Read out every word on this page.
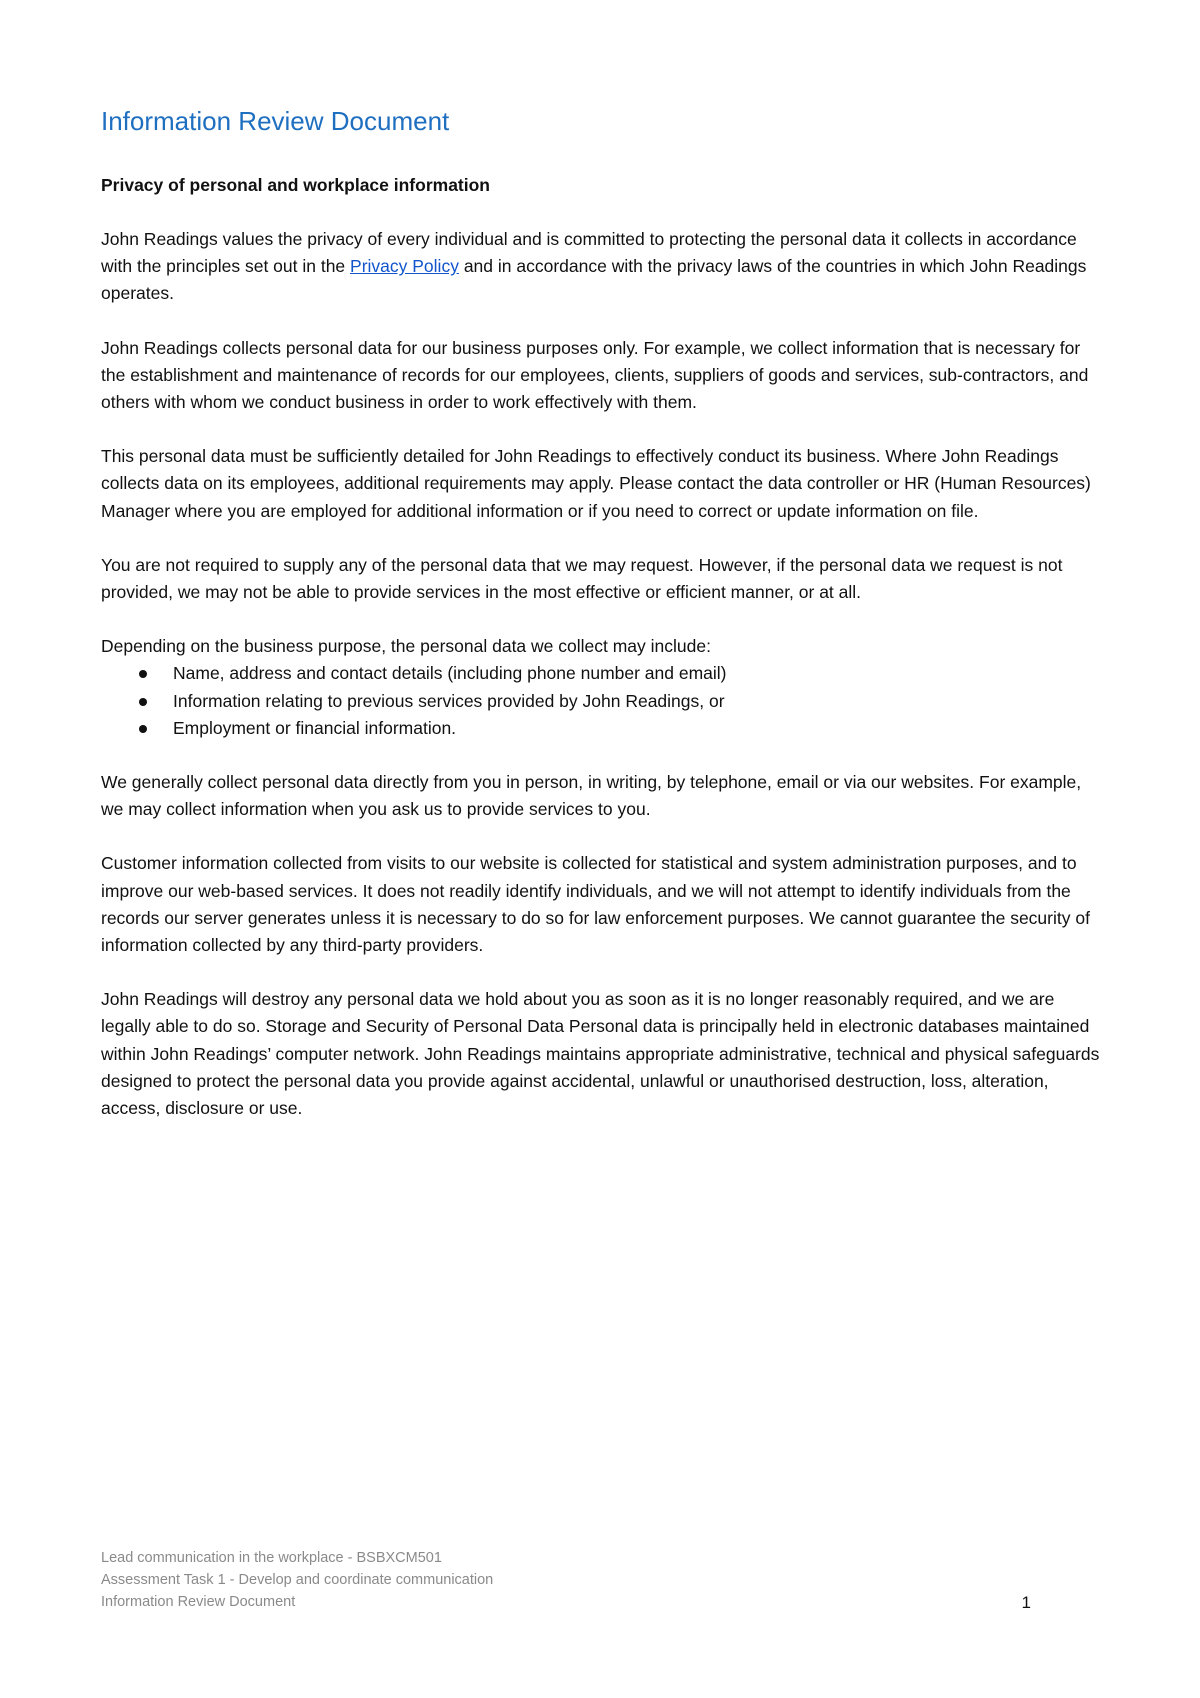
Information Review Document

Privacy of personal and workplace information

John Readings values the privacy of every individual and is committed to protecting the personal data it collects in accordance with the principles set out in the Privacy Policy and in accordance with the privacy laws of the countries in which John Readings operates.

John Readings collects personal data for our business purposes only. For example, we collect information that is necessary for the establishment and maintenance of records for our employees, clients, suppliers of goods and services, sub-contractors, and others with whom we conduct business in order to work effectively with them.

This personal data must be sufficiently detailed for John Readings to effectively conduct its business. Where John Readings collects data on its employees, additional requirements may apply. Please contact the data controller or HR (Human Resources) Manager where you are employed for additional information or if you need to correct or update information on file.

You are not required to supply any of the personal data that we may request. However, if the personal data we request is not provided, we may not be able to provide services in the most effective or efficient manner, or at all.

Depending on the business purpose, the personal data we collect may include:

Name, address and contact details (including phone number and email)
Information relating to previous services provided by John Readings, or
Employment or financial information.

We generally collect personal data directly from you in person, in writing, by telephone, email or via our websites. For example, we may collect information when you ask us to provide services to you.

Customer information collected from visits to our website is collected for statistical and system administration purposes, and to improve our web-based services. It does not readily identify individuals, and we will not attempt to identify individuals from the records our server generates unless it is necessary to do so for law enforcement purposes. We cannot guarantee the security of information collected by any third-party providers.

John Readings will destroy any personal data we hold about you as soon as it is no longer reasonably required, and we are legally able to do so. Storage and Security of Personal Data Personal data is principally held in electronic databases maintained within John Readings’ computer network. John Readings maintains appropriate administrative, technical and physical safeguards designed to protect the personal data you provide against accidental, unlawful or unauthorised destruction, loss, alteration, access, disclosure or use.

Lead communication in the workplace - BSBXCM501
Assessment Task 1 - Develop and coordinate communication
Information Review Document	1
